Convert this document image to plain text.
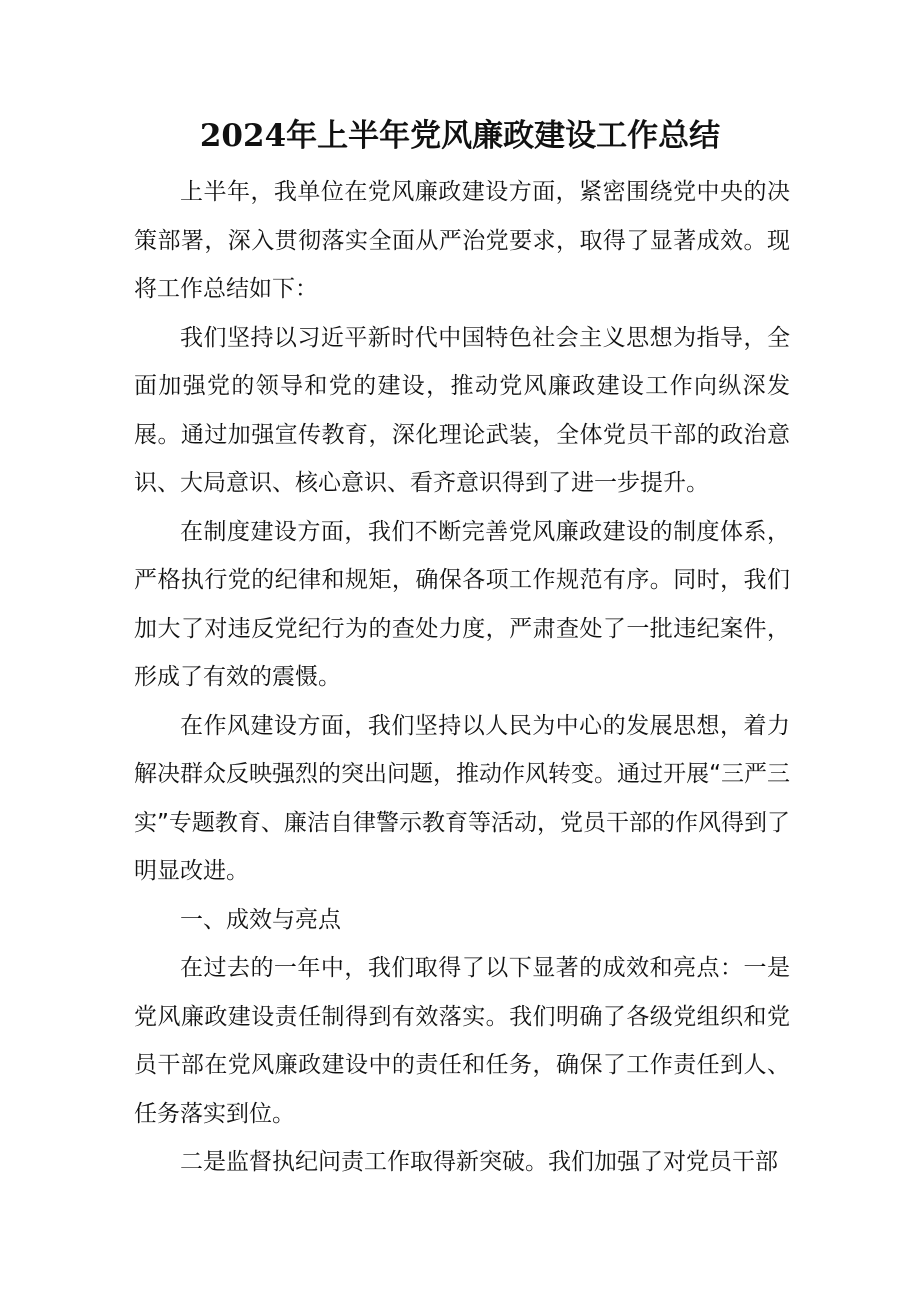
2024年上半年党风廉政建设工作总结

上半年，我单位在党风廉政建设方面，紧密围绕党中央的决策部署，深入贯彻落实全面从严治党要求，取得了显著成效。现将工作总结如下：

我们坚持以习近平新时代中国特色社会主义思想为指导，全面加强党的领导和党的建设，推动党风廉政建设工作向纵深发展。通过加强宣传教育，深化理论武装，全体党员干部的政治意识、大局意识、核心意识、看齐意识得到了进一步提升。

在制度建设方面，我们不断完善党风廉政建设的制度体系，严格执行党的纪律和规矩，确保各项工作规范有序。同时，我们加大了对违反党纪行为的查处力度，严肃查处了一批违纪案件，形成了有效的震慑。

在作风建设方面，我们坚持以人民为中心的发展思想，着力解决群众反映强烈的突出问题，推动作风转变。通过开展“三严三实”专题教育、廉洁自律警示教育等活动，党员干部的作风得到了明显改进。

一、成效与亮点

在过去的一年中，我们取得了以下显著的成效和亮点：一是党风廉政建设责任制得到有效落实。我们明确了各级党组织和党员干部在党风廉政建设中的责任和任务，确保了工作责任到人、任务落实到位。

二是监督执纪问责工作取得新突破。我们加强了对党员干部
